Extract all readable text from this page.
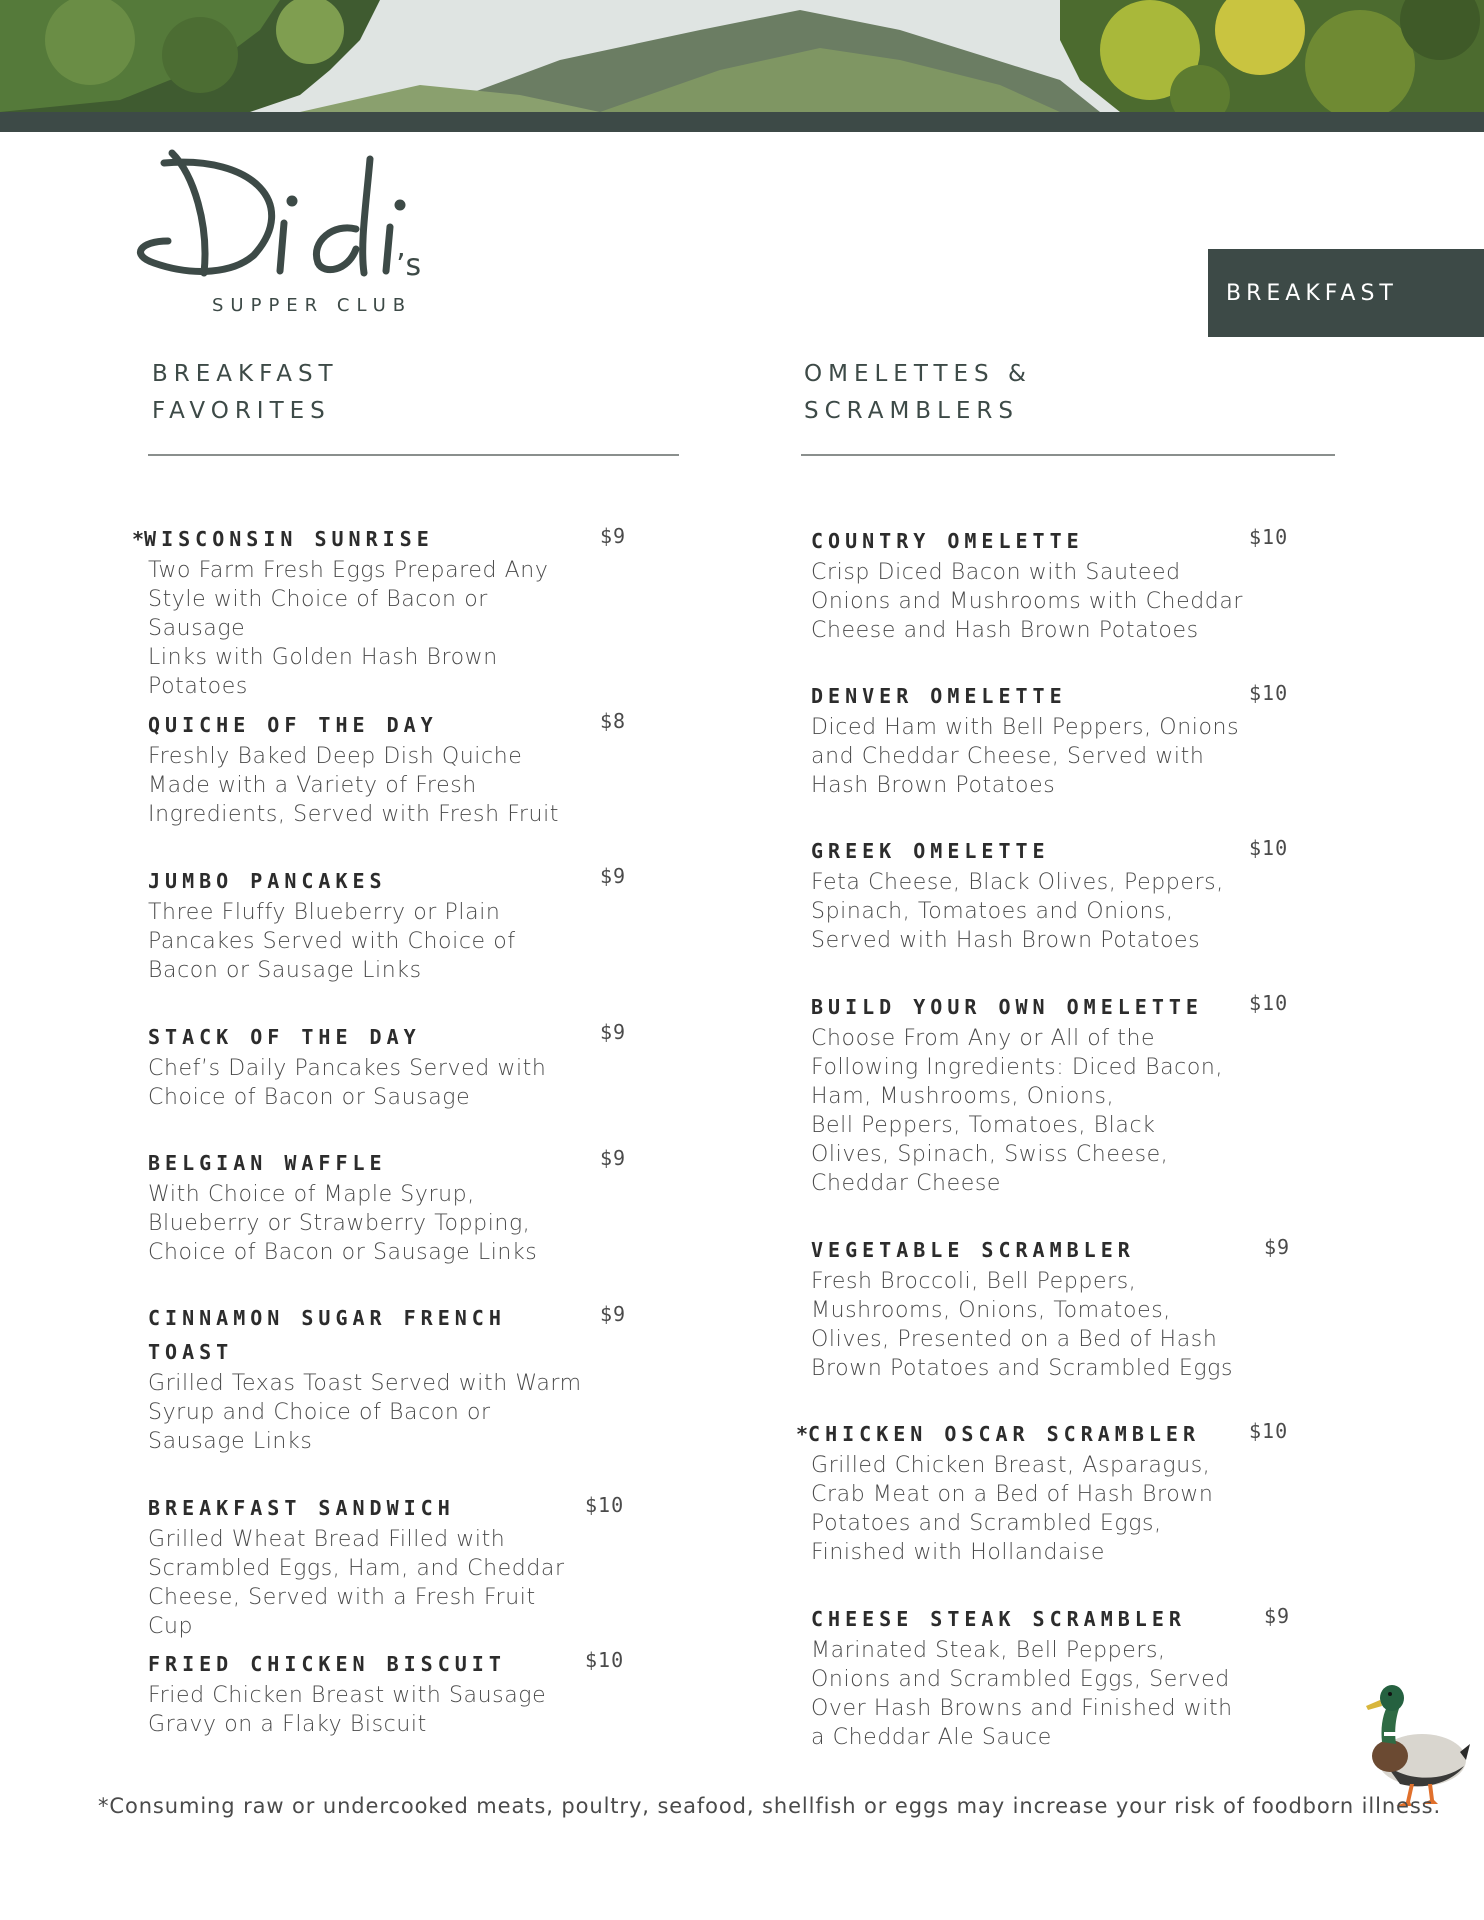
’s
SUPPER CLUB	BREAKFAST
BREAKFAST
FAVORITES
OMELETTES &
SCRAMBLERS
*WISCONSIN SUNRISE
Two Farm Fresh Eggs Prepared Any
Style with Choice of Bacon or Sausage
Links with Golden Hash Brown
Potatoes
$9
QUICHE OF THE DAY
Freshly Baked Deep Dish Quiche
Made with a Variety of Fresh
Ingredients, Served with Fresh Fruit
$8
JUMBO PANCAKES
Three Fluffy Blueberry or Plain
Pancakes Served with Choice of
Bacon or Sausage Links
$9
STACK OF THE DAY
Chef’s Daily Pancakes Served with
Choice of Bacon or Sausage
$9
BELGIAN WAFFLE
With Choice of Maple Syrup,
Blueberry or Strawberry Topping,
Choice of Bacon or Sausage Links
$9
CINNAMON SUGAR FRENCH
TOAST
Grilled Texas Toast Served with Warm
Syrup and Choice of Bacon or
Sausage Links
$9
BREAKFAST SANDWICH
Grilled Wheat Bread Filled with
Scrambled Eggs, Ham, and Cheddar
Cheese, Served with a Fresh Fruit Cup
$10
FRIED CHICKEN BISCUIT
Fried Chicken Breast with Sausage
Gravy on a Flaky Biscuit
$10
COUNTRY OMELETTE
Crisp Diced Bacon with Sauteed
Onions and Mushrooms with Cheddar
Cheese and Hash Brown Potatoes
$10
DENVER OMELETTE
Diced Ham with Bell Peppers, Onions
and Cheddar Cheese, Served with
Hash Brown Potatoes
$10
GREEK OMELETTE
Feta Cheese, Black Olives, Peppers,
Spinach, Tomatoes and Onions,
Served with Hash Brown Potatoes
$10
BUILD YOUR OWN OMELETTE
Choose From Any or All of the
Following Ingredients: Diced Bacon,
Ham, Mushrooms, Onions,
Bell Peppers, Tomatoes, Black
Olives, Spinach, Swiss Cheese,
Cheddar Cheese
$10
VEGETABLE SCRAMBLER
Fresh Broccoli, Bell Peppers,
Mushrooms, Onions, Tomatoes,
Olives, Presented on a Bed of Hash
Brown Potatoes and Scrambled Eggs
$9
*CHICKEN OSCAR SCRAMBLER
Grilled Chicken Breast, Asparagus,
Crab Meat on a Bed of Hash Brown
Potatoes and Scrambled Eggs,
Finished with Hollandaise
$10
CHEESE STEAK SCRAMBLER
Marinated Steak, Bell Peppers,
Onions and Scrambled Eggs, Served
Over Hash Browns and Finished with
a Cheddar Ale Sauce
$9
*Consuming raw or undercooked meats, poultry, seafood, shellfish or eggs may increase your risk of foodborn illness.
